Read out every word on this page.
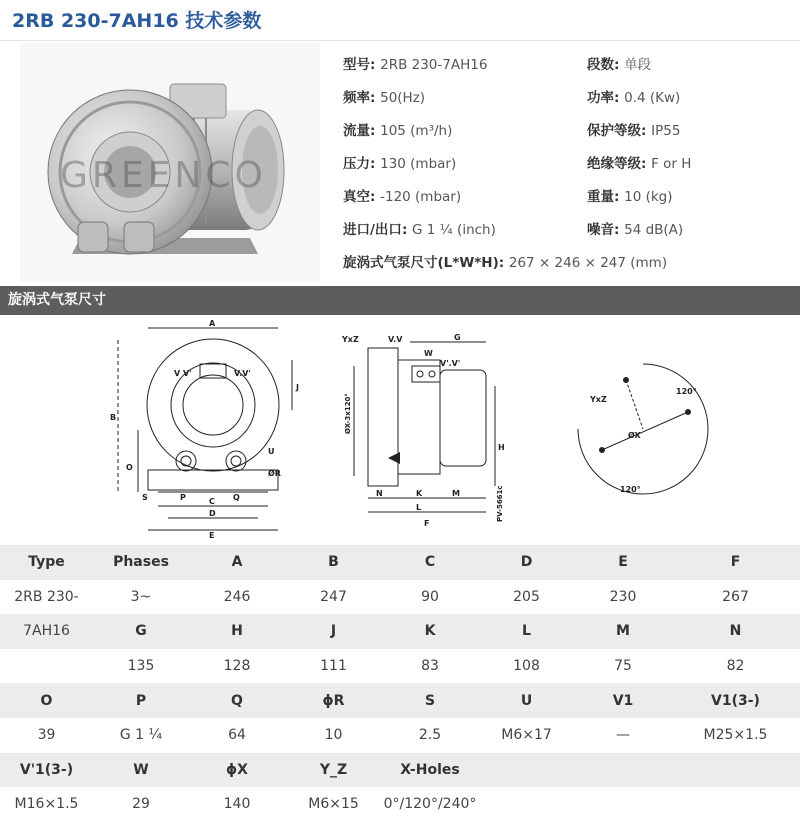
2RB 230-7AH16 技术参数
GREENCO
型号: 2RB 230-7AH16	段数: 单段
频率: 50(Hz)	功率: 0.4 (Kw)
流量: 105 (m³/h)	保护等级: IP55
压力: 130 (mbar)	绝缘等级: F or H
真空: -120 (mbar)	重量: 10 (kg)
进口/出口: G 1 ¼ (inch)	噪音: 54 dB(A)
旋涡式气泵尺寸(L*W*H): 267 × 246 × 247 (mm)
旋涡式气泵尺寸
A
B
C
D
E
J
O
P	Q
S
U
ØR
V V'	V.V'
YxZ	V.V	G
W
V'.V'
H
N	K	M
L
F
ØX-3x120°
PV-5661c
YxZ
ØX
120°
120°
Type	Phases	A	B	C	D	E	F
2RB 230-	3~	246	247	90	205	230	267
7AH16	G	H	J	K	L	M	N
	135	128	111	83	108	75	82
O	P	Q	ϕR	S	U	V1	V1(3-)
39	G 1 ¼	64	10	2.5	M6×17	—	M25×1.5
V'1(3-)	W	ϕX	Y_Z	X-Holes			
M16×1.5	29	140	M6×15	0°/120°/240°			
